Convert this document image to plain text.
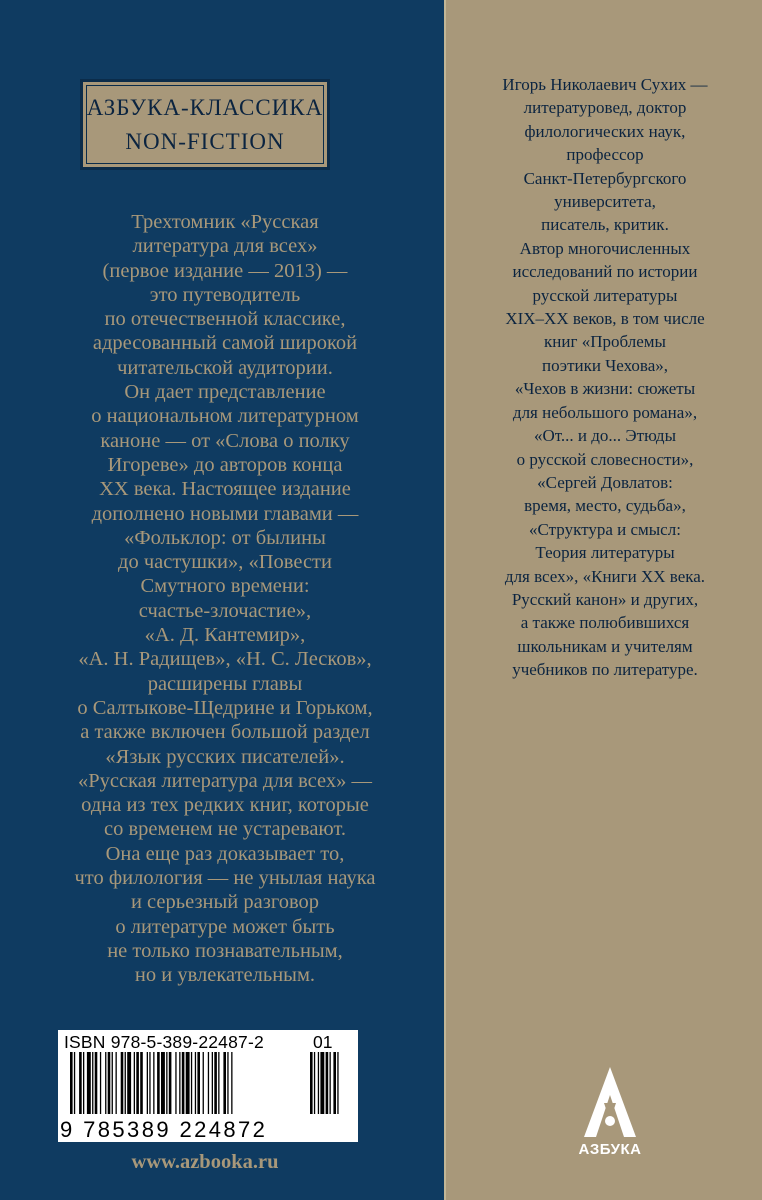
АЗБУКА-КЛАССИКА
NON-FICTION
Трехтомник «Русская
литература для всех»
(первое издание — 2013) —
это путеводитель
по отечественной классике,
адресованный самой широкой
читательской аудитории.
Он дает представление
о национальном литературном
каноне — от «Слова о полку
Игореве» до авторов конца
XX века. Настоящее издание
дополнено новыми главами —
«Фольклор: от былины
до частушки», «Повести
Смутного времени:
счастье-злочастие»,
«А. Д. Кантемир»,
«А. Н. Радищев», «Н. С. Лесков»,
расширены главы
о Салтыкове-Щедрине и Горьком,
а также включен большой раздел
«Язык русских писателей».
«Русская литература для всех» —
одна из тех редких книг, которые
со временем не устаревают.
Она еще раз доказывает то,
что филология — не унылая наука
и серьезный разговор
о литературе может быть
не только познавательным,
но и увлекательным.
Игорь Николаевич Сухих —
литературовед, доктор
филологических наук,
профессор
Санкт-Петербургского
университета,
писатель, критик.
Автор многочисленных
исследований по истории
русской литературы
XIX–XX веков, в том числе
книг «Проблемы
поэтики Чехова»,
«Чехов в жизни: сюжеты
для небольшого романа»,
«От... и до... Этюды
о русской словесности»,
«Сергей Довлатов:
время, место, судьба»,
«Структура и смысл:
Теория литературы
для всех», «Книги XX века.
Русский канон» и других,
а также полюбившихся
школьникам и учителям
учебников по литературе.
ISBN 978-5-389-22487-2	01
9 785389 224872
www.azbooka.ru
АЗБУКА
